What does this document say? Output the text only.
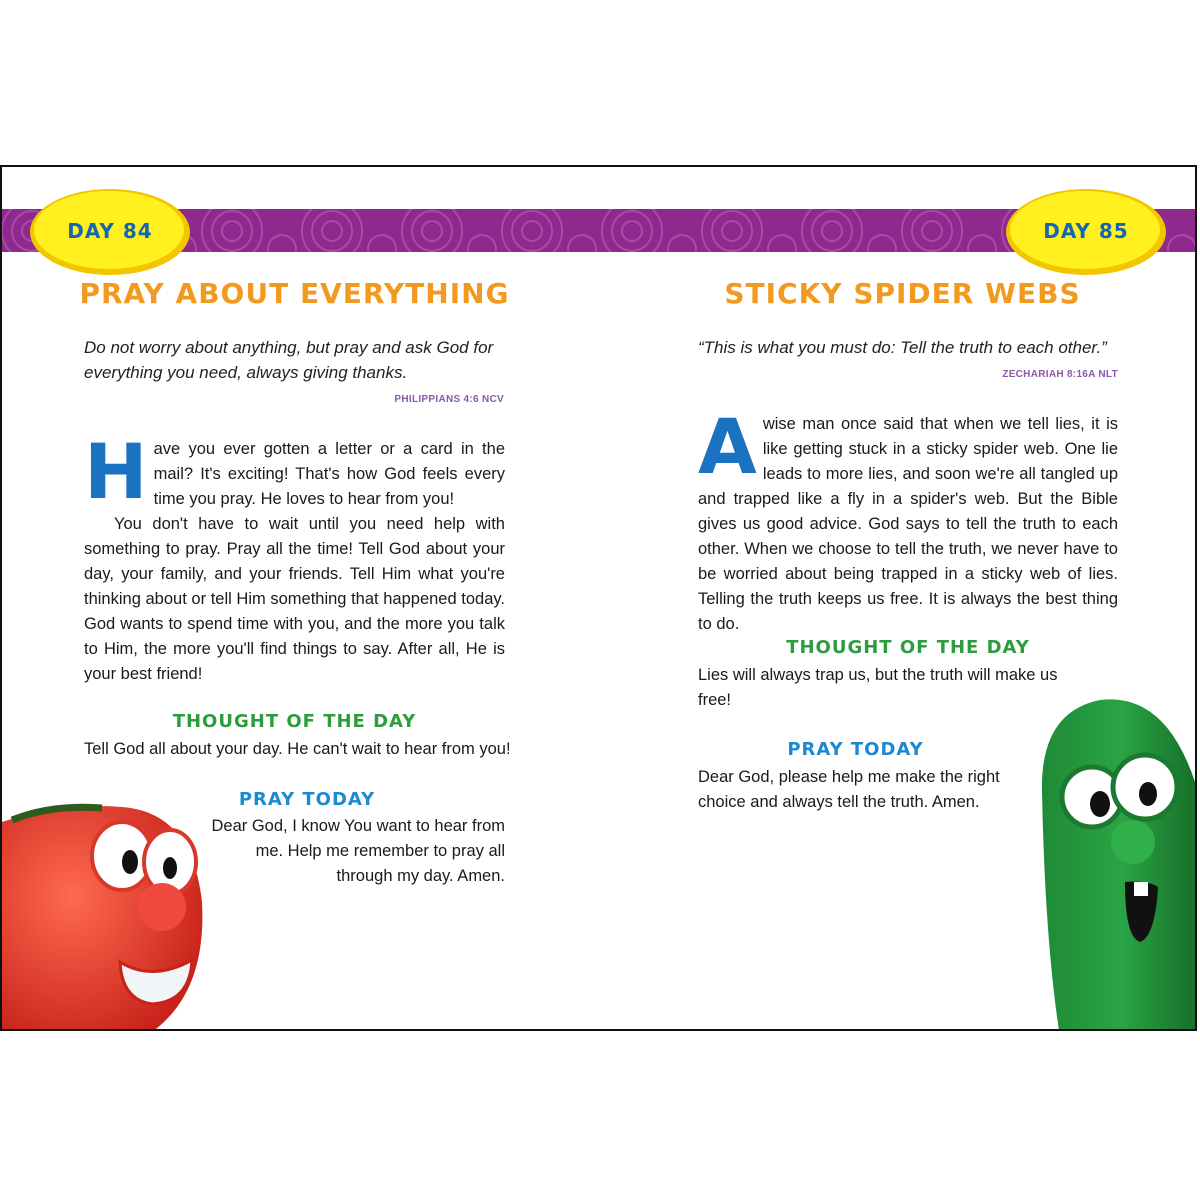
DAY 84
PRAY ABOUT EVERYTHING
Do not worry about anything, but pray and ask God for everything you need, always giving thanks.
PHILIPPIANS 4:6 NCV
H ave you ever gotten a letter or a card in the mail? It's exciting! That's how God feels every time you pray. He loves to hear from you!
You don't have to wait until you need help with something to pray. Pray all the time! Tell God about your day, your family, and your friends. Tell Him what you're thinking about or tell Him something that happened today. God wants to spend time with you, and the more you talk to Him, the more you'll find things to say. After all, He is your best friend!
THOUGHT OF THE DAY
Tell God all about your day. He can't wait to hear from you!
PRAY TODAY
Dear God, I know You want to hear from me. Help me remember to pray all through my day. Amen.
DAY 85
STICKY SPIDER WEBS
“This is what you must do: Tell the truth to each other.”
ZECHARIAH 8:16A NLT
A wise man once said that when we tell lies, it is like getting stuck in a sticky spider web. One lie leads to more lies, and soon we're all tangled up and trapped like a fly in a spider's web. But the Bible gives us good advice. God says to tell the truth to each other. When we choose to tell the truth, we never have to be worried about being trapped in a sticky web of lies. Telling the truth keeps us free. It is always the best thing to do.
THOUGHT OF THE DAY
Lies will always trap us, but the truth will make us free!
PRAY TODAY
Dear God, please help me make the right choice and always tell the truth. Amen.
